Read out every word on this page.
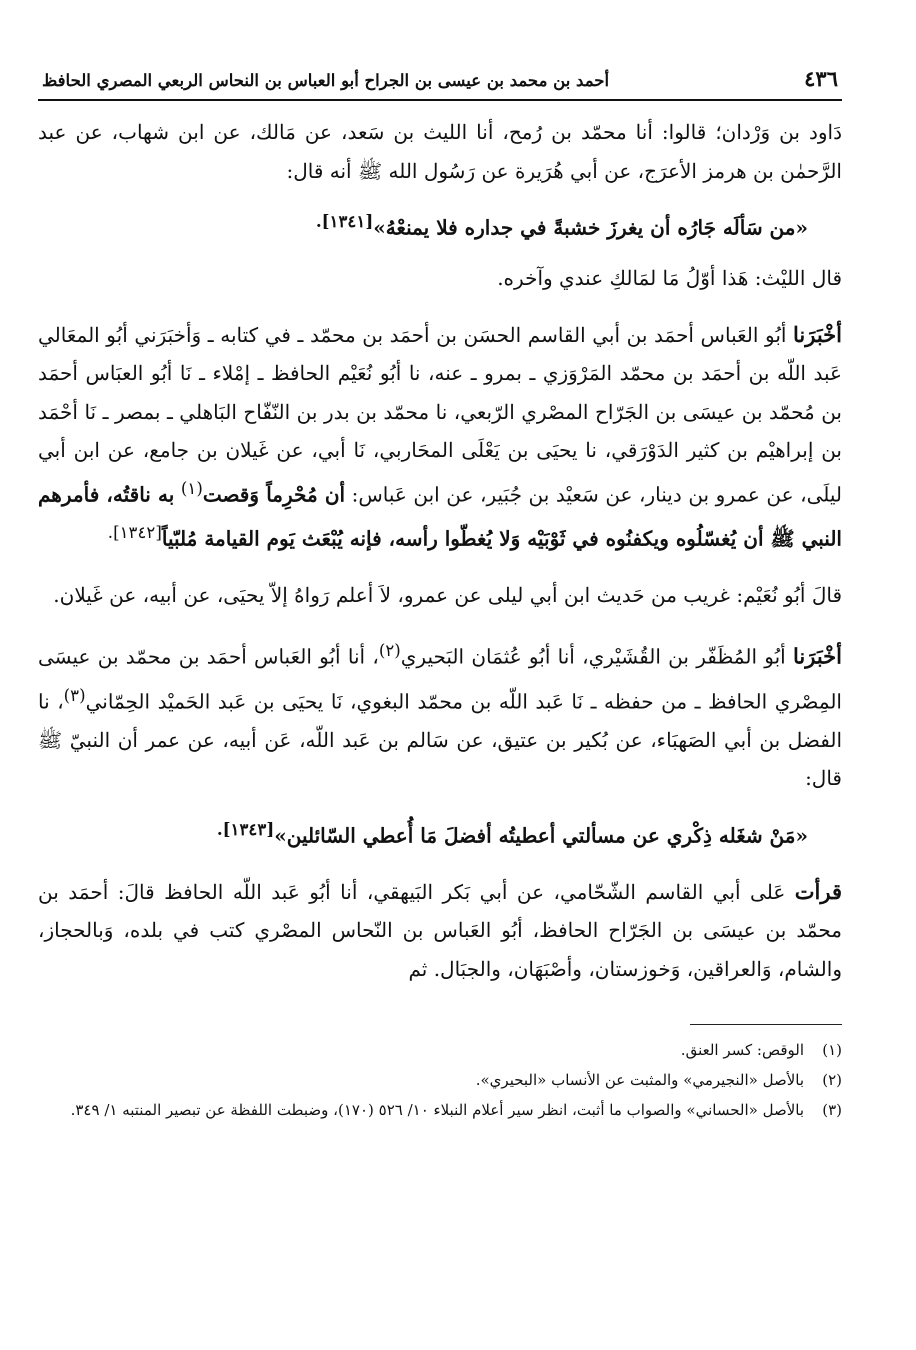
٤٣٦
أحمد بن محمد بن عيسى بن الجراح أبو العباس بن النحاس الربعي المصري الحافظ

دَاود بن وَرْدان؛ قالوا: أنا محمّد بن رُمح، أنا الليث بن سَعد، عن مَالك، عن ابن شهاب، عن عبد الرَّحمٰن بن هرمز الأعرَج، عن أبي هُرَيرة عن رَسُول الله ﷺ أنه قال:

«من سَألَه جَارُه أن يغرزَ خشبةً في جداره فلا يمنعْهُ»$^{[١٣٤١].}$

قال الليْث: هَذا أوّلُ مَا لمَالكِ عندي وآخره.

أخْبَرَنا أبُو العَباس أحمَد بن أبي القاسم الحسَن بن أحمَد بن محمّد ـ في كتابه ـ وَأخبَرَني أبُو المعَالي عَبد اللّه بن أحمَد بن محمّد المَرْوَزي ـ بمرو ـ عنه، نا أبُو نُعَيْم الحافظ ـ إمْلاء ـ نَا أبُو العبَاس أحمَد بن مُحمّد بن عيسَى بن الجَرّاح المصْري الرّبعي، نا محمّد بن بدر بن النّفّاح البَاهلي ـ بمصر ـ نَا أحْمَد بن إبراهيْم بن كثير الدَوْرَقي، نا يحيَى بن يَعْلَى المحَاربي، نَا أبي، عن غَيلان بن جامع، عن ابن أبي ليلَى، عن عمرو بن دينار، عن سَعيْد بن جُبَير، عن ابن عَباس: أن مُحْرِماً وَقصت$^{(١)}$ به ناقتُه، فأمرهم النبي ﷺ أن يُغسّلُوه ويكفنُوه في ثَوْبَيْه وَلا يُغطّوا رأسه، فإنه يُبْعَث يَوم القيامة مُلبّياً$^{[١٣٤٢].}$

قالَ أبُو نُعَيْم: غريب من حَديث ابن أبي ليلى عن عمرو، لاَ أعلم رَواهُ إلاّ يحيَى، عن أبيه، عن غَيلان.

أخْبَرَنا أبُو المُظَفّر بن القُشَيْري، أنا أبُو عُثمَان البَحيري$^{(٢)}$، أنا أبُو العَباس أحمَد بن محمّد بن عيسَى المِصْري الحافظ ـ من حفظه ـ نَا عَبد اللّه بن محمّد البغوي، نَا يحيَى بن عَبد الحَميْد الحِمّاني$^{(٣)}$، نا الفضل بن أبي الصَهبَاء، عن بُكير بن عتيق، عن سَالم بن عَبد اللّه، عَن أبيه، عن عمر أن النبيّ ﷺ قال:

«مَنْ شغَله ذِكْري عن مسألتي أعطيتُه أفضلَ مَا أُعطي السّائلين»$^{[١٣٤٣].}$

قرأت عَلى أبي القاسم الشّحّامي، عن أبي بَكر البَيهقي، أنا أبُو عَبد اللّه الحافظ قالَ: أحمَد بن محمّد بن عيسَى بن الجَرّاح الحافظ، أبُو العَباس بن النّحاس المصْري كتب في بلده، وَبالحجاز، والشام، وَالعراقين، وَخوزستان، وأصْبَهَان، والجبَال. ثم

(١)
الوقص: كسر العنق.
(٢)
بالأصل «النجيرمي» والمثبت عن الأنساب «البحيري».
(٣)
بالأصل «الحساني» والصواب ما أثبت، انظر سير أعلام النبلاء ١٠/ ٥٢٦ (١٧٠)، وضبطت اللفظة عن تبصير المنتبه ١/ ٣٤٩.
